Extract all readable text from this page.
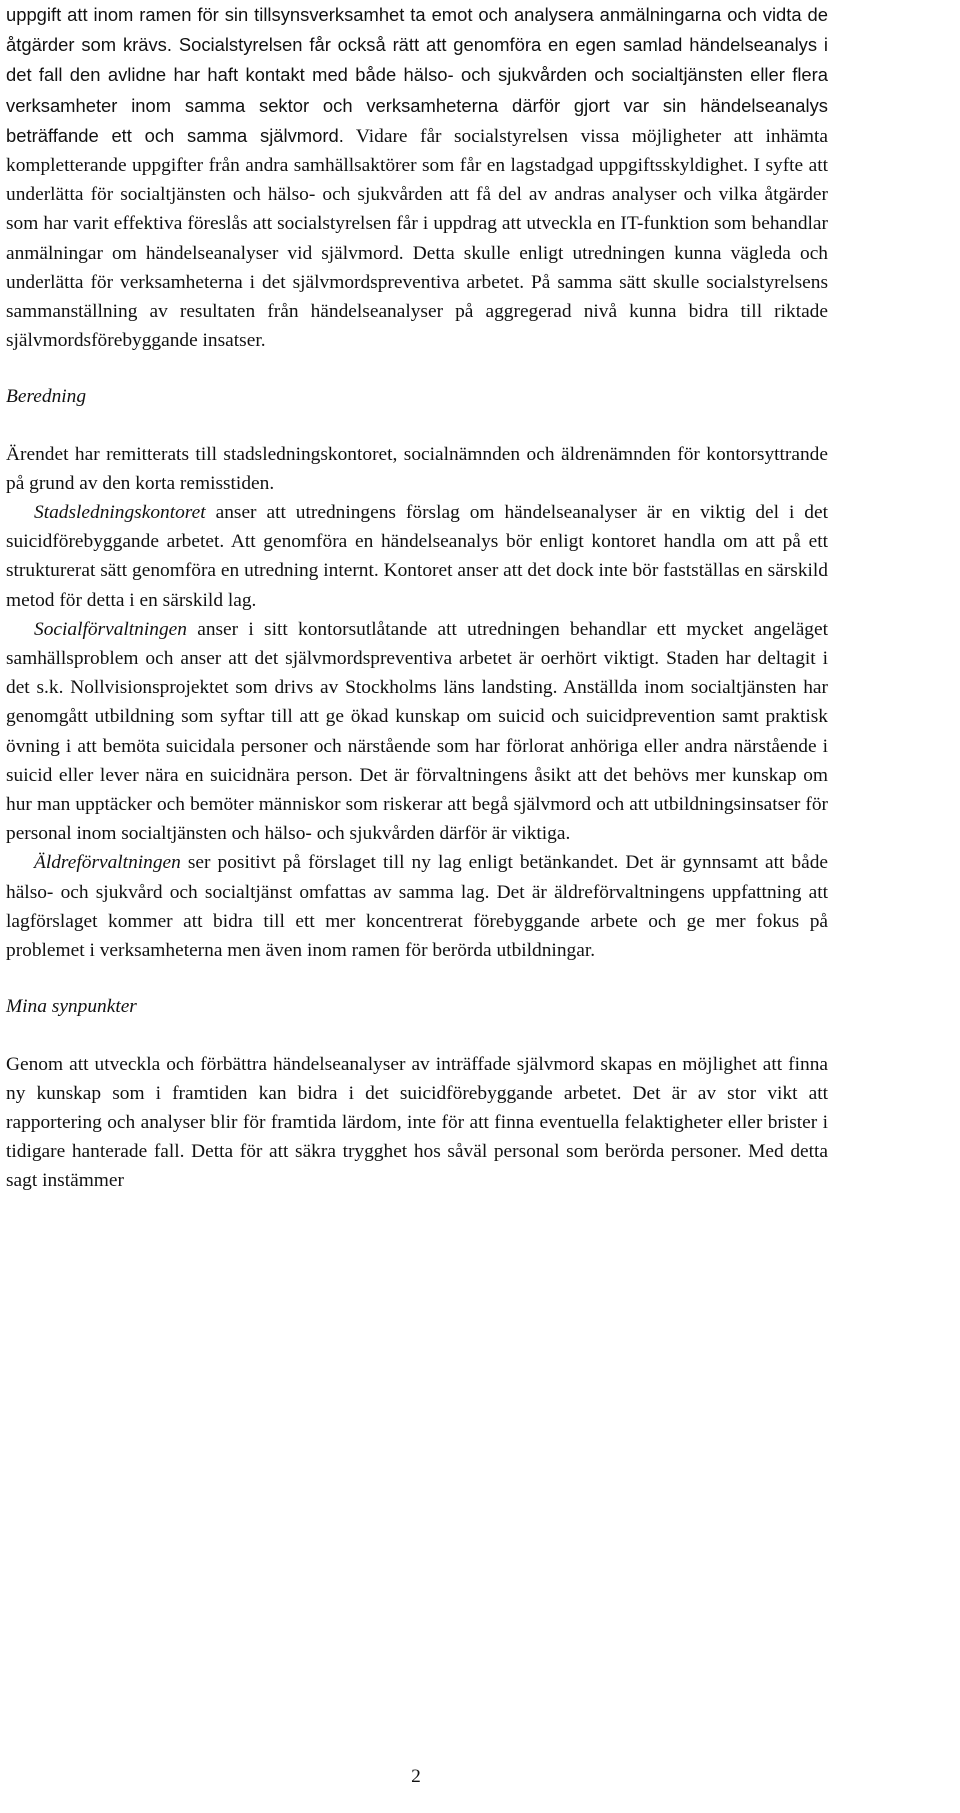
uppgift att inom ramen för sin tillsynsverksamhet ta emot och analysera anmälningarna och vidta de åtgärder som krävs. Socialstyrelsen får också rätt att genomföra en egen samlad händelseanalys i det fall den avlidne har haft kontakt med både hälso- och sjukvården och socialtjänsten eller flera verksamheter inom samma sektor och verksamheterna därför gjort var sin händelseanalys beträffande ett och samma självmord. Vidare får socialstyrelsen vissa möjligheter att inhämta kompletterande uppgifter från andra samhällsaktörer som får en lagstadgad uppgiftsskyldighet. I syfte att underlätta för socialtjänsten och hälso- och sjukvården att få del av andras analyser och vilka åtgärder som har varit effektiva föreslås att socialstyrelsen får i uppdrag att utveckla en IT-funktion som behandlar anmälningar om händelseanalyser vid självmord. Detta skulle enligt utredningen kunna vägleda och underlätta för verksamheterna i det självmordspreventiva arbetet. På samma sätt skulle socialstyrelsens sammanställning av resultaten från händelseanalyser på aggregerad nivå kunna bidra till riktade självmordsförebyggande insatser.

Beredning

Ärendet har remitterats till stadsledningskontoret, socialnämnden och äldrenämnden för kontorsyttrande på grund av den korta remisstiden.

Stadsledningskontoret anser att utredningens förslag om händelseanalyser är en viktig del i det suicidförebyggande arbetet. Att genomföra en händelseanalys bör enligt kontoret handla om att på ett strukturerat sätt genomföra en utredning internt. Kontoret anser att det dock inte bör fastställas en särskild metod för detta i en särskild lag.

Socialförvaltningen anser i sitt kontorsutlåtande att utredningen behandlar ett mycket angeläget samhällsproblem och anser att det självmordspreventiva arbetet är oerhört viktigt. Staden har deltagit i det s.k. Nollvisionsprojektet som drivs av Stockholms läns landsting. Anställda inom socialtjänsten har genomgått utbildning som syftar till att ge ökad kunskap om suicid och suicidprevention samt praktisk övning i att bemöta suicidala personer och närstående som har förlorat anhöriga eller andra närstående i suicid eller lever nära en suicidnära person. Det är förvaltningens åsikt att det behövs mer kunskap om hur man upptäcker och bemöter människor som riskerar att begå självmord och att utbildningsinsatser för personal inom socialtjänsten och hälso- och sjukvården därför är viktiga.

Äldreförvaltningen ser positivt på förslaget till ny lag enligt betänkandet. Det är gynnsamt att både hälso- och sjukvård och socialtjänst omfattas av samma lag. Det är äldreförvaltningens uppfattning att lagförslaget kommer att bidra till ett mer koncentrerat förebyggande arbete och ge mer fokus på problemet i verksamheterna men även inom ramen för berörda utbildningar.

Mina synpunkter

Genom att utveckla och förbättra händelseanalyser av inträffade självmord skapas en möjlighet att finna ny kunskap som i framtiden kan bidra i det suicidförebyggande arbetet. Det är av stor vikt att rapportering och analyser blir för framtida lärdom, inte för att finna eventuella felaktigheter eller brister i tidigare hanterade fall. Detta för att säkra trygghet hos såväl personal som berörda personer. Med detta sagt instämmer

2
